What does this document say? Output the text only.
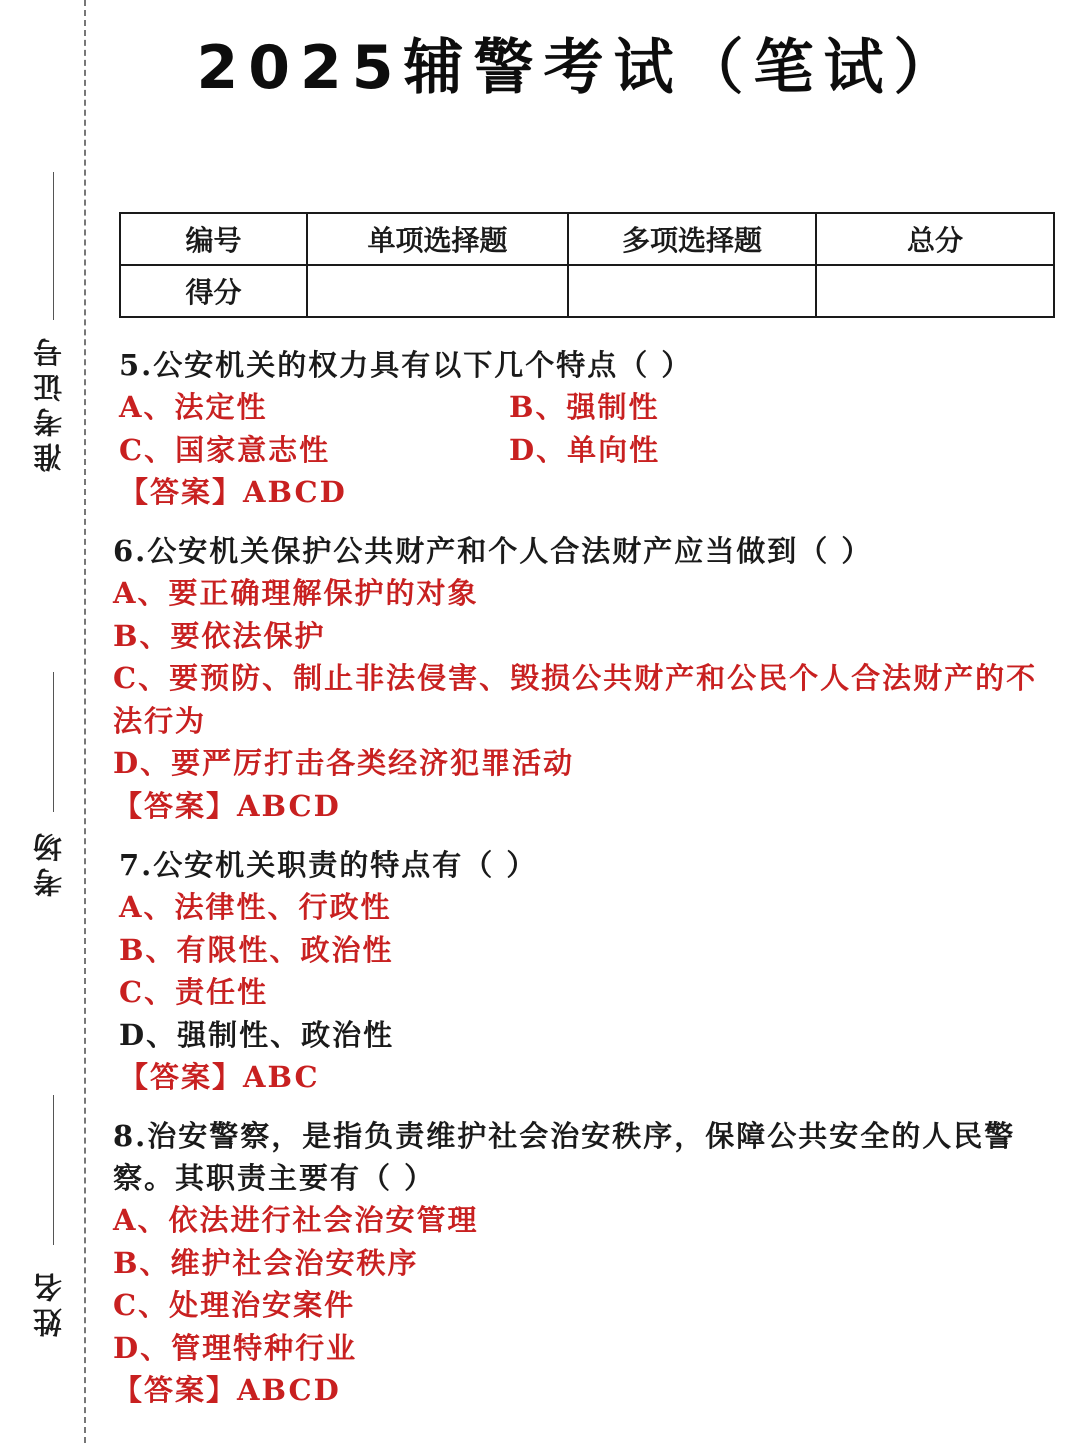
准考证号
考场
姓名
2025辅警考试（笔试）
编号	单项选择题	多项选择题	总分
得分			

5.公安机关的权力具有以下几个特点（ ）

A、法定性	B、强制性
C、国家意志性	D、单向性
【答案】ABCD

6.公安机关保护公共财产和个人合法财产应当做到（ ）

A、要正确理解保护的对象
B、要依法保护
C、要预防、制止非法侵害、毁损公共财产和公民个人合法财产的不法行为
D、要严厉打击各类经济犯罪活动
【答案】ABCD

7.公安机关职责的特点有（ ）

A、法律性、行政性
B、有限性、政治性
C、责任性
D、强制性、政治性
【答案】ABC

8.治安警察，是指负责维护社会治安秩序，保障公共安全的人民警察。其职责主要有（ ）

A、依法进行社会治安管理
B、维护社会治安秩序
C、处理治安案件
D、管理特种行业
【答案】ABCD
